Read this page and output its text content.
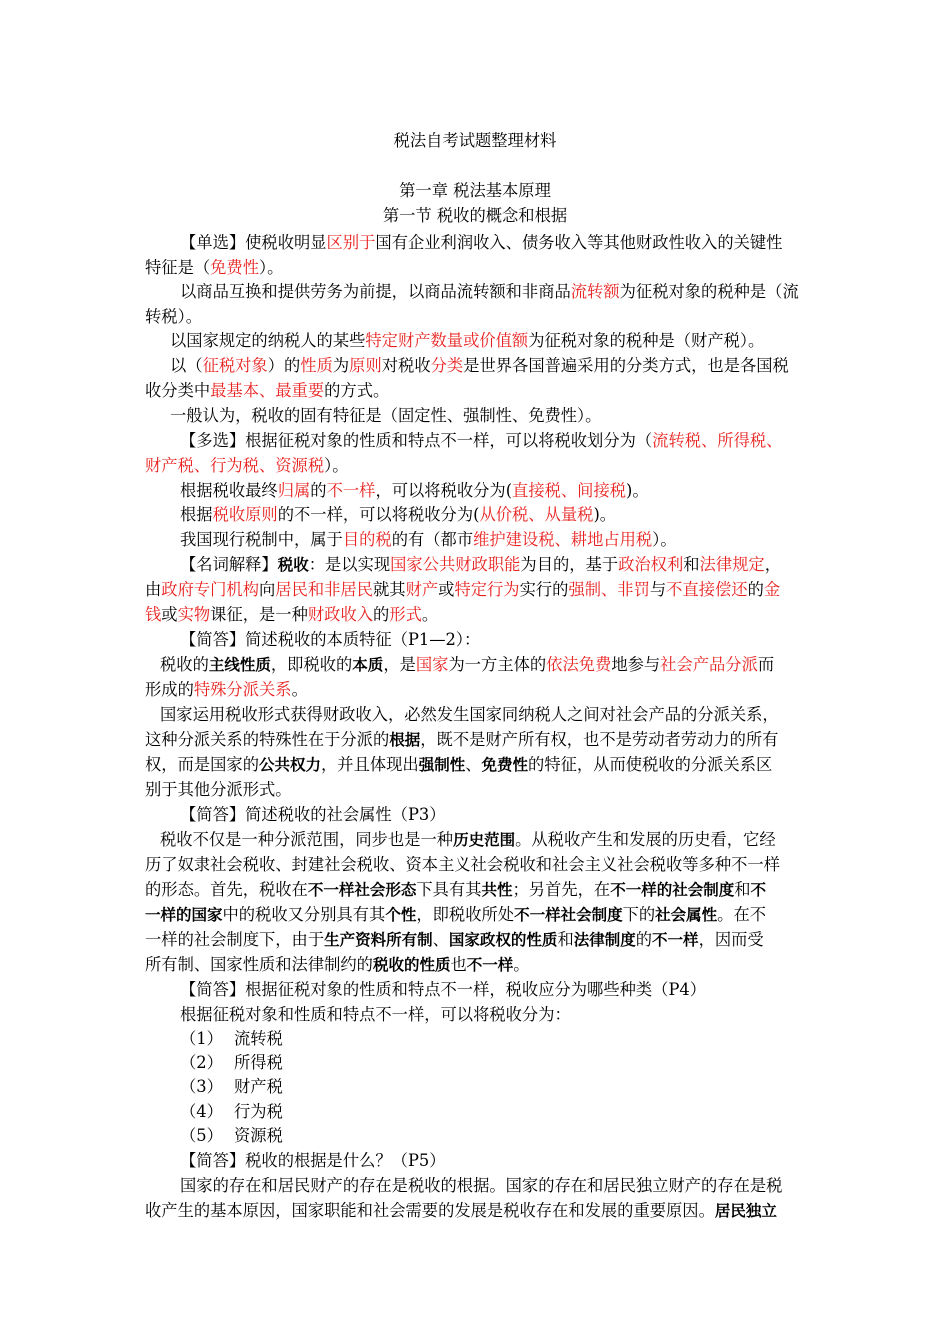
税法自考试题整理材料
第一章 税法基本原理
第一节 税收的概念和根据
【单选】使税收明显区别于国有企业利润收入、债务收入等其他财政性收入的关键性
特征是（免费性）。
以商品互换和提供劳务为前提，以商品流转额和非商品流转额为征税对象的税种是（流
转税）。
以国家规定的纳税人的某些特定财产数量或价值额为征税对象的税种是（财产税）。
以（征税对象）的性质为原则对税收分类是世界各国普遍采用的分类方式，也是各国税
收分类中最基本、最重要的方式。
一般认为，税收的固有特征是（固定性、强制性、免费性）。
【多选】根据征税对象的性质和特点不一样，可以将税收划分为（流转税、所得税、
财产税、行为税、资源税）。
根据税收最终归属的不一样，可以将税收分为(直接税、间接税)。
根据税收原则的不一样，可以将税收分为(从价税、从量税)。
我国现行税制中，属于目的税的有（都市维护建设税、耕地占用税）。
【名词解释】税收：是以实现国家公共财政职能为目的，基于政治权利和法律规定，
由政府专门机构向居民和非居民就其财产或特定行为实行的强制、非罚与不直接偿还的金
钱或实物课征，是一种财政收入的形式。
【简答】简述税收的本质特征（P1—2）：
税收的主线性质，即税收的本质，是国家为一方主体的依法免费地参与社会产品分派而
形成的特殊分派关系。
国家运用税收形式获得财政收入，必然发生国家同纳税人之间对社会产品的分派关系，
这种分派关系的特殊性在于分派的根据，既不是财产所有权，也不是劳动者劳动力的所有
权，而是国家的公共权力，并且体现出强制性、免费性的特征，从而使税收的分派关系区
别于其他分派形式。
【简答】简述税收的社会属性（P3）
税收不仅是一种分派范围，同步也是一种历史范围。从税收产生和发展的历史看，它经
历了奴隶社会税收、封建社会税收、资本主义社会税收和社会主义社会税收等多种不一样
的形态。首先，税收在不一样社会形态下具有其共性；另首先，在不一样的社会制度和不
一样的国家中的税收又分别具有其个性，即税收所处不一样社会制度下的社会属性。在不
一样的社会制度下，由于生产资料所有制、国家政权的性质和法律制度的不一样，因而受
所有制、国家性质和法律制约的税收的性质也不一样。
【简答】根据征税对象的性质和特点不一样，税收应分为哪些种类（P4）
根据征税对象和性质和特点不一样，可以将税收分为：
（1） 流转税
（2） 所得税
（3） 财产税
（4） 行为税
（5） 资源税
【简答】税收的根据是什么？（P5）
国家的存在和居民财产的存在是税收的根据。国家的存在和居民独立财产的存在是税
收产生的基本原因，国家职能和社会需要的发展是税收存在和发展的重要原因。居民独立
